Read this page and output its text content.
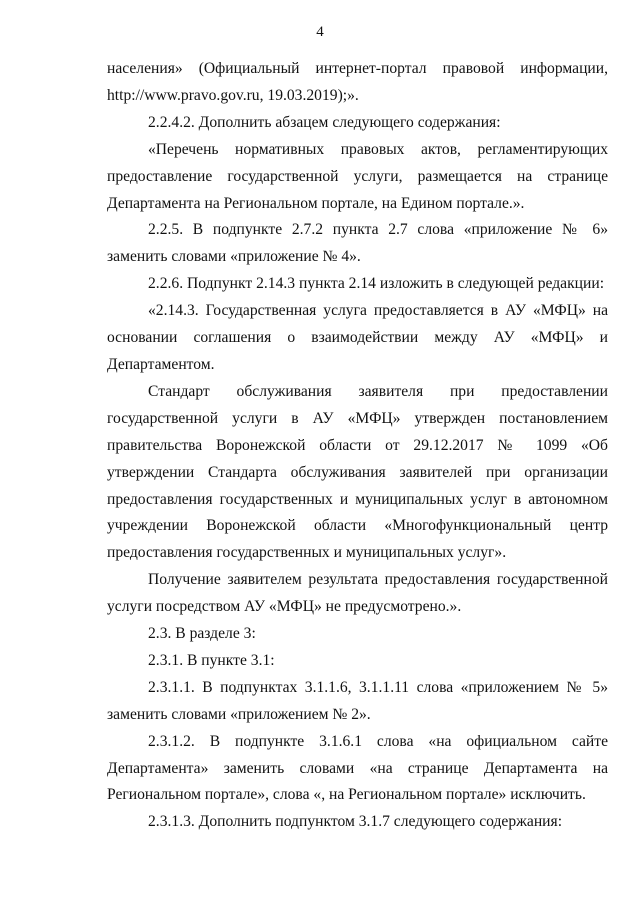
4

населения» (Официальный интернет-портал правовой информации, http://www.pravo.gov.ru, 19.03.2019);».

2.2.4.2. Дополнить абзацем следующего содержания:

«Перечень нормативных правовых актов, регламентирующих предоставление государственной услуги, размещается на странице Департамента на Региональном портале, на Едином портале.».

2.2.5. В подпункте 2.7.2 пункта 2.7 слова «приложение № 6» заменить словами «приложение № 4».

2.2.6. Подпункт 2.14.3 пункта 2.14 изложить в следующей редакции:

«2.14.3. Государственная услуга предоставляется в АУ «МФЦ» на основании соглашения о взаимодействии между АУ «МФЦ» и Департаментом.

Стандарт обслуживания заявителя при предоставлении государственной услуги в АУ «МФЦ» утвержден постановлением правительства Воронежской области от 29.12.2017 № 1099 «Об утверждении Стандарта обслуживания заявителей при организации предоставления государственных и муниципальных услуг в автономном учреждении Воронежской области «Многофункциональный центр предоставления государственных и муниципальных услуг».

Получение заявителем результата предоставления государственной услуги посредством АУ «МФЦ» не предусмотрено.».

2.3. В разделе 3:

2.3.1. В пункте 3.1:

2.3.1.1. В подпунктах 3.1.1.6, 3.1.1.11 слова «приложением № 5» заменить словами «приложением № 2».

2.3.1.2. В подпункте 3.1.6.1 слова «на официальном сайте Департамента» заменить словами «на странице Департамента на Региональном портале», слова «, на Региональном портале» исключить.

2.3.1.3. Дополнить подпунктом 3.1.7 следующего содержания:
